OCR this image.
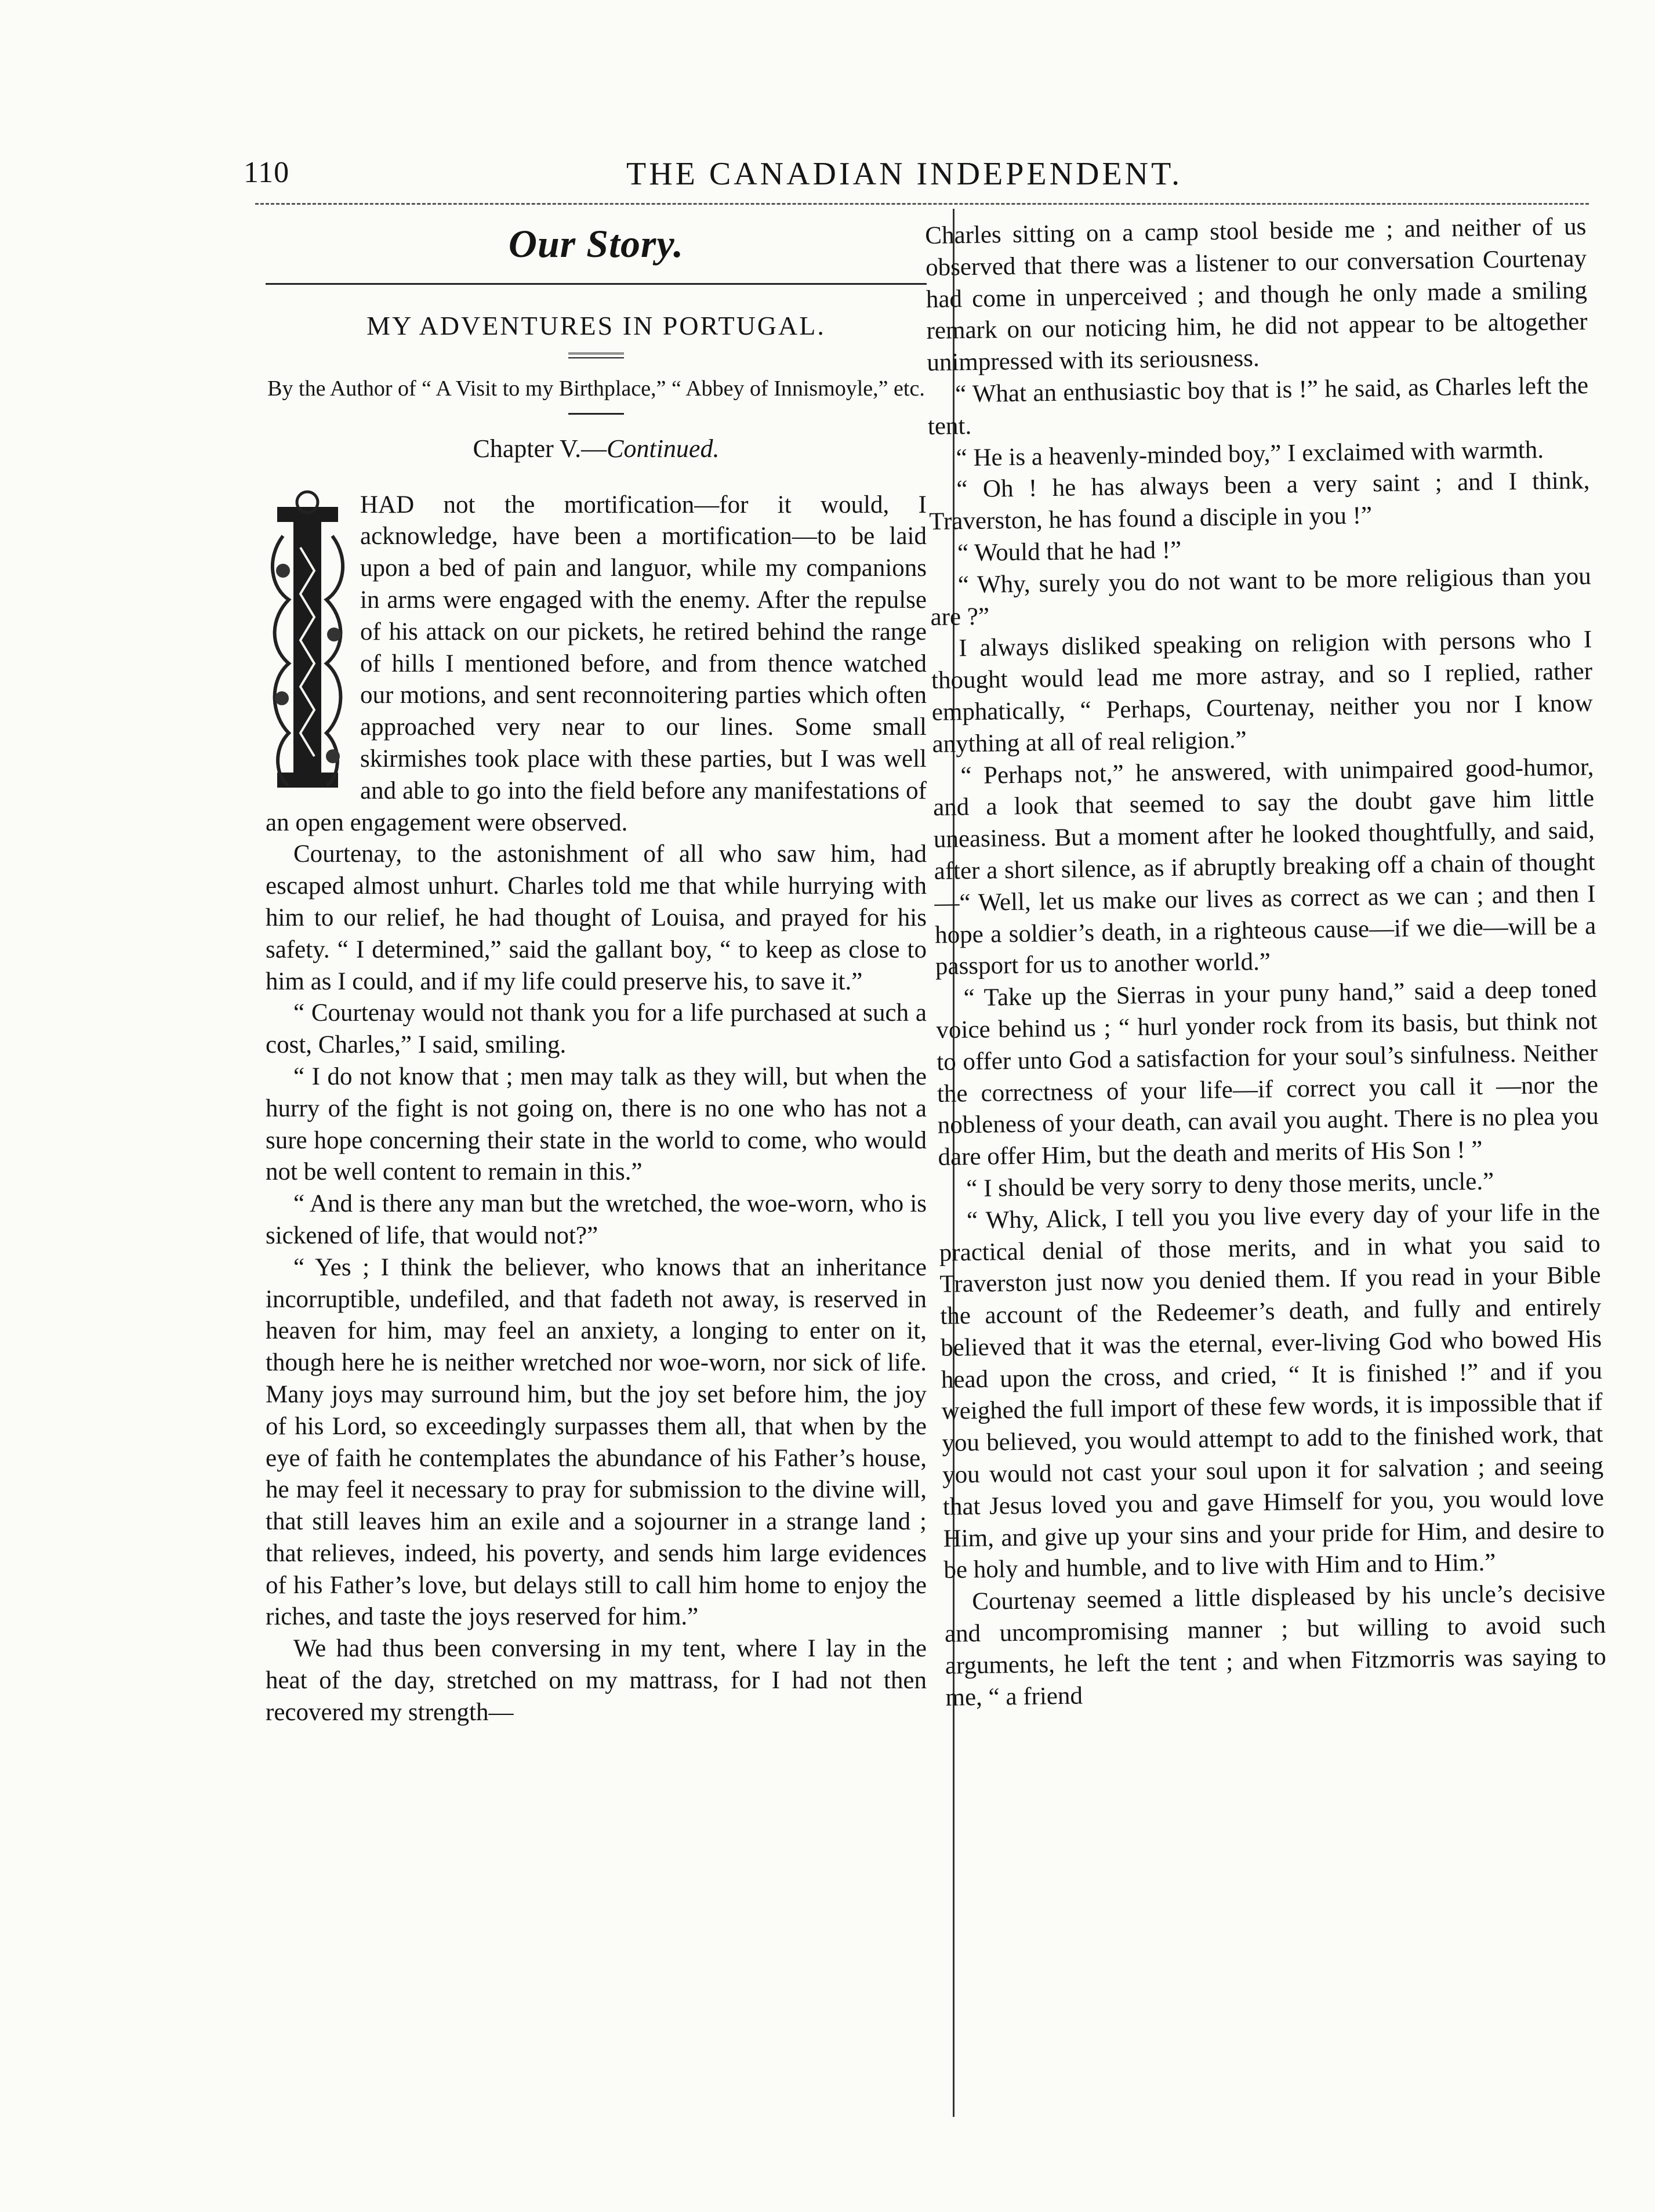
110	THE CANADIAN INDEPENDENT.
Our Story.
MY ADVENTURES IN PORTUGAL.
By the Author of “ A Visit to my Birthplace,” “ Abbey of Innismoyle,” etc.
Chapter V.—Continued.

HAD not the mortification—for it would, I acknowledge, have been a mortification—to be laid upon a bed of pain and languor, while my companions in arms were engaged with the enemy. After the repulse of his attack on our pickets, he retired behind the range of hills I mentioned before, and from thence watched our motions, and sent reconnoitering parties which often approached very near to our lines. Some small skirmishes took place with these parties, but I was well and able to go into the field before any manifestations of an open engagement were observed.

Courtenay, to the astonishment of all who saw him, had escaped almost unhurt. Charles told me that while hurrying with him to our relief, he had thought of Louisa, and prayed for his safety. “ I determined,” said the gallant boy, “ to keep as close to him as I could, and if my life could preserve his, to save it.”

“ Courtenay would not thank you for a life purchased at such a cost, Charles,” I said, smiling.

“ I do not know that ; men may talk as they will, but when the hurry of the fight is not going on, there is no one who has not a sure hope concerning their state in the world to come, who would not be well content to remain in this.”

“ And is there any man but the wretched, the woe-worn, who is sickened of life, that would not?”

“ Yes ; I think the believer, who knows that an inheritance incorruptible, undefiled, and that fadeth not away, is reserved in heaven for him, may feel an anxiety, a longing to enter on it, though here he is neither wretched nor woe-worn, nor sick of life. Many joys may surround him, but the joy set before him, the joy of his Lord, so exceedingly surpasses them all, that when by the eye of faith he contemplates the abundance of his Father’s house, he may feel it necessary to pray for submission to the divine will, that still leaves him an exile and a sojourner in a strange land ; that relieves, indeed, his poverty, and sends him large evidences of his Father’s love, but delays still to call him home to enjoy the riches, and taste the joys reserved for him.”

We had thus been conversing in my tent, where I lay in the heat of the day, stretched on my mattrass, for I had not then recovered my strength—

Charles sitting on a camp stool beside me ; and neither of us observed that there was a listener to our conversation Courtenay had come in unperceived ; and though he only made a smiling remark on our noticing him, he did not appear to be altogether unimpressed with its seriousness.

“ What an enthusiastic boy that is !” he said, as Charles left the tent.

“ He is a heavenly-minded boy,” I exclaimed with warmth.

“ Oh ! he has always been a very saint ; and I think, Traverston, he has found a disciple in you !”

“ Would that he had !”

“ Why, surely you do not want to be more religious than you are ?”

I always disliked speaking on religion with persons who I thought would lead me more astray, and so I replied, rather emphatically, “ Perhaps, Courtenay, neither you nor I know anything at all of real religion.”

“ Perhaps not,” he answered, with unimpaired good-humor, and a look that seemed to say the doubt gave him little uneasiness. But a moment after he looked thoughtfully, and said, after a short silence, as if abruptly breaking off a chain of thought—“ Well, let us make our lives as correct as we can ; and then I hope a soldier’s death, in a righteous cause—if we die—will be a passport for us to another world.”

“ Take up the Sierras in your puny hand,” said a deep toned voice behind us ; “ hurl yonder rock from its basis, but think not to offer unto God a satisfaction for your soul’s sinfulness. Neither the correctness of your life—if correct you call it —nor the nobleness of your death, can avail you aught. There is no plea you dare offer Him, but the death and merits of His Son ! ”

“ I should be very sorry to deny those merits, uncle.”

“ Why, Alick, I tell you you live every day of your life in the practical denial of those merits, and in what you said to Traverston just now you denied them. If you read in your Bible the account of the Redeemer’s death, and fully and entirely believed that it was the eternal, ever-living God who bowed His head upon the cross, and cried, “ It is finished !” and if you weighed the full import of these few words, it is impossible that if you believed, you would attempt to add to the finished work, that you would not cast your soul upon it for salvation ; and seeing that Jesus loved you and gave Himself for you, you would love Him, and give up your sins and your pride for Him, and desire to be holy and humble, and to live with Him and to Him.”

Courtenay seemed a little displeased by his uncle’s decisive and uncompromising manner ; but willing to avoid such arguments, he left the tent ; and when Fitzmorris was saying to me, “ a friend
